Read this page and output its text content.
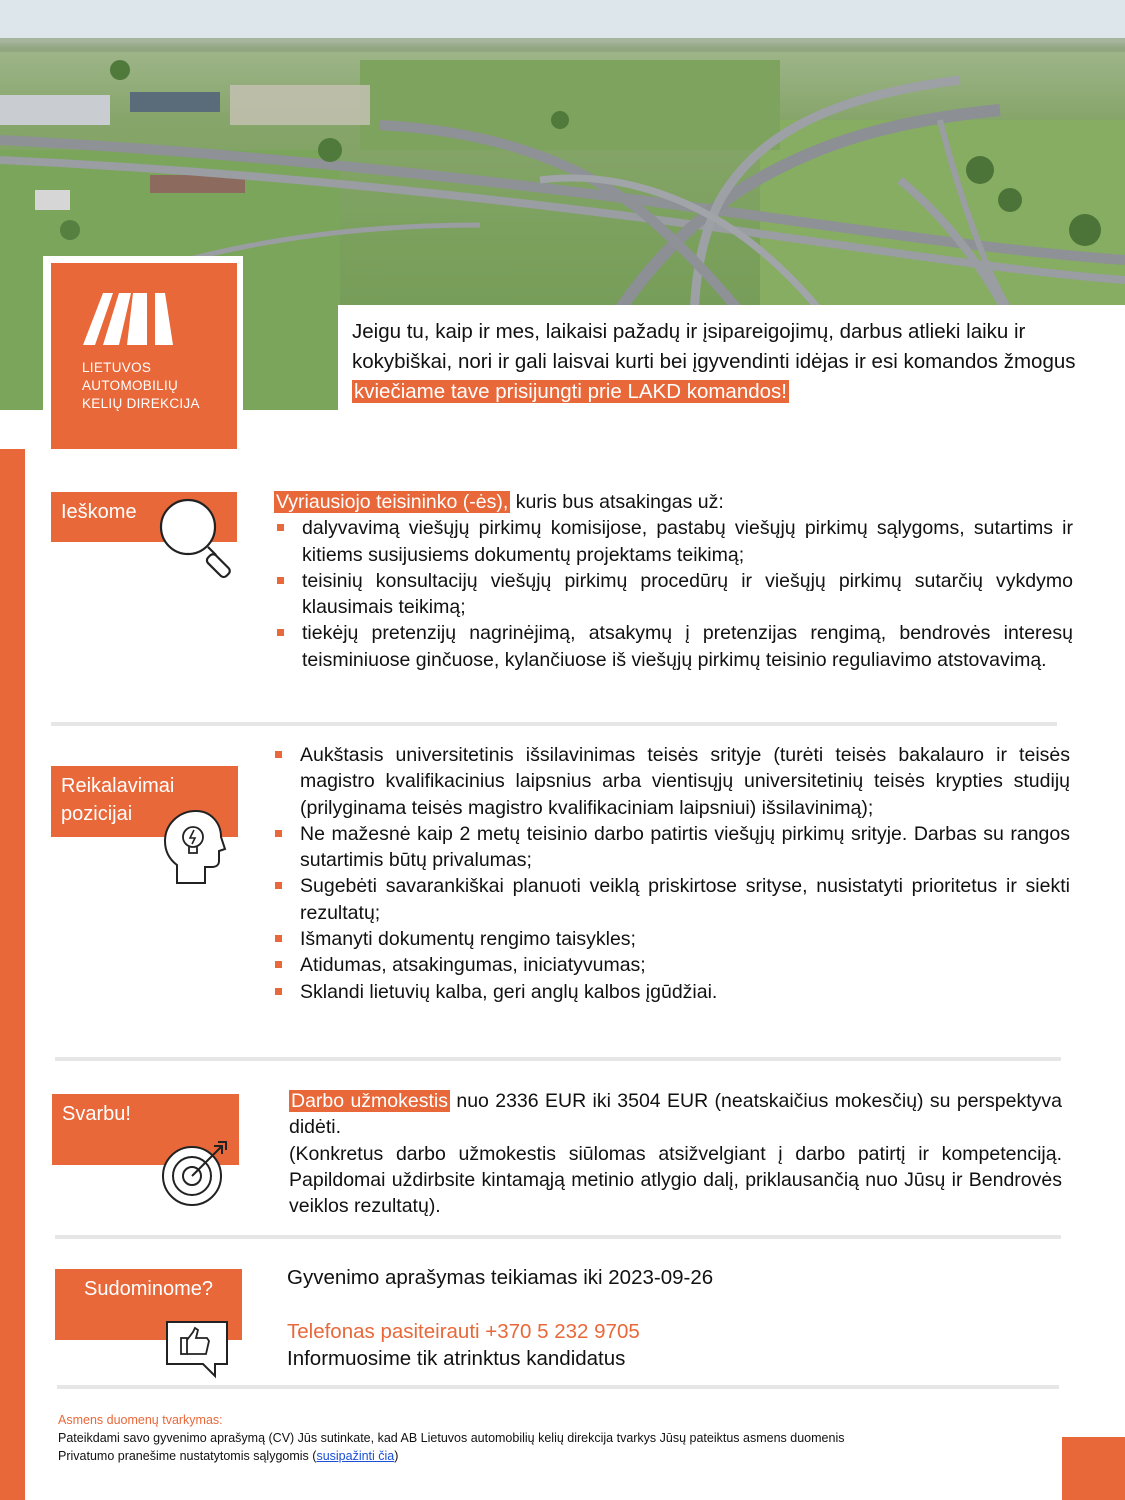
Jeigu tu, kaip ir mes, laikaisi pažadų ir įsipareigojimų, darbus atlieki laiku ir kokybiškai, nori ir gali laisvai kurti bei įgyvendinti idėjas ir esi komandos žmogus kviečiame tave prisijungti prie LAKD komandos!
LIETUVOS
AUTOMOBILIŲ
KELIŲ DIREKCIJA
Ieškome	Vyriausiojo teisininko (-ės), kuris bus atsakingas už:
dalyvavimą viešųjų pirkimų komisijose, pastabų viešųjų pirkimų sąlygoms, sutartims ir kitiems susijusiems dokumentų projektams teikimą;
teisinių konsultacijų viešųjų pirkimų procedūrų ir viešųjų pirkimų sutarčių vykdymo klausimais teikimą;
tiekėjų pretenzijų nagrinėjimą, atsakymų į pretenzijas rengimą, bendrovės interesų teisminiuose ginčuose, kylančiuose iš viešųjų pirkimų teisinio reguliavimo atstovavimą.
Reikalavimai
pozicijai
Aukštasis universitetinis išsilavinimas teisės srityje (turėti teisės bakalauro ir teisės magistro kvalifikacinius laipsnius arba vientisųjų universitetinių teisės krypties studijų (prilyginama teisės magistro kvalifikaciniam laipsniui) išsilavinimą);
Ne mažesnė kaip 2 metų teisinio darbo patirtis viešųjų pirkimų srityje. Darbas su rangos sutartimis būtų privalumas;
Sugebėti savarankiškai planuoti veiklą priskirtose srityse, nusistatyti prioritetus ir siekti rezultatų;
Išmanyti dokumentų rengimo taisykles;
Atidumas, atsakingumas, iniciatyvumas;
Sklandi lietuvių kalba, geri anglų kalbos įgūdžiai.
Svarbu!
Darbo užmokestis nuo 2336 EUR iki 3504 EUR (neatskaičius mokesčių) su perspektyva didėti.
(Konkretus darbo užmokestis siūlomas atsižvelgiant į darbo patirtį ir kompetenciją. Papildomai uždirbsite kintamąją metinio atlygio dalį, priklausančią nuo Jūsų ir Bendrovės veiklos rezultatų).
Sudominome?	Gyvenimo aprašymas teikiamas iki 2023-09-26
Telefonas pasiteirauti +370 5 232 9705
Informuosime tik atrinktus kandidatus
Asmens duomenų tvarkymas:
Pateikdami savo gyvenimo aprašymą (CV) Jūs sutinkate, kad AB Lietuvos automobilių kelių direkcija tvarkys Jūsų pateiktus asmens duomenis
Privatumo pranešime nustatytomis sąlygomis (susipažinti čia)
